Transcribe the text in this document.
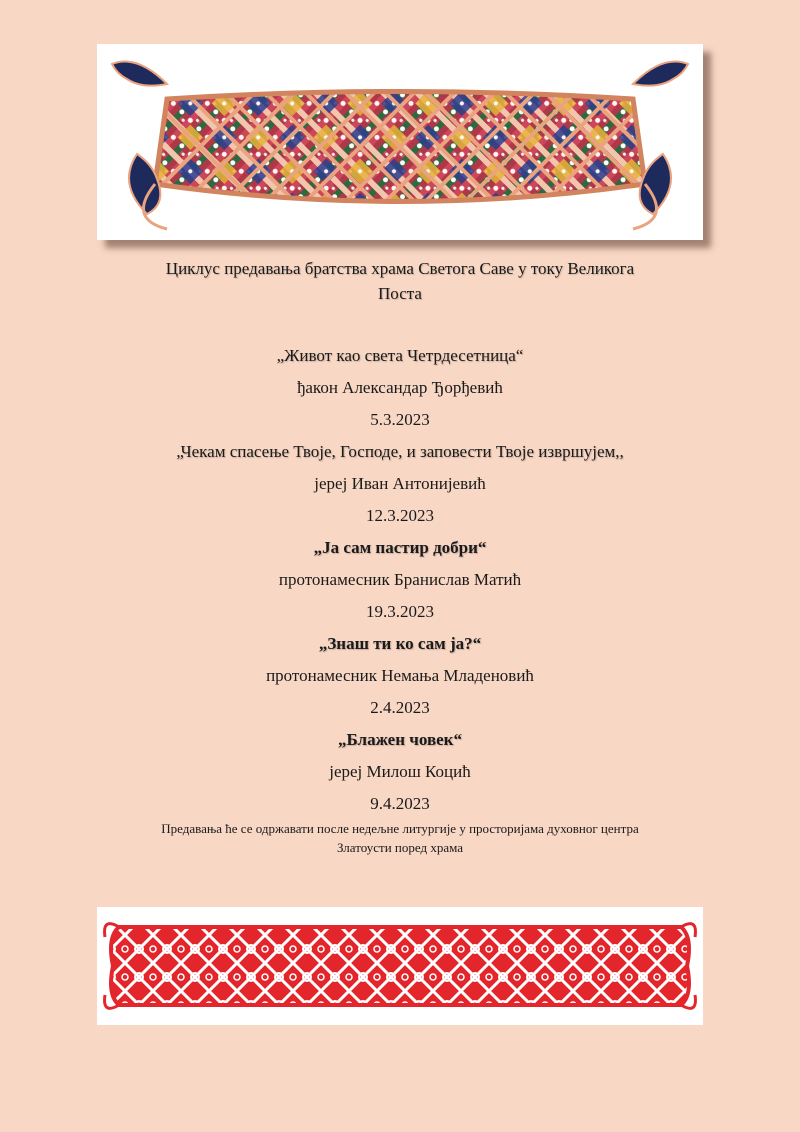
Циклус предавања братства храма Светога Саве у току Великога
Поста
„Живот као света Четрдесетница“
ђакон Александар Ђорђевић
5.3.2023
„Чекам спасење Твоје, Господе, и заповести Твоје извршујем,,
јереј Иван Антонијевић
12.3.2023
„Ја сам пастир добри“
протонамесник Бранислав Матић
19.3.2023
„Знаш ти ко сам ја?“
протонамесник Немања Младеновић
2.4.2023
„Блажен човек“
јереј Милош Коцић
9.4.2023
Предавања ће се одржавати после недељне литургије у просторијама духовног центра
Златоусти поред храма
